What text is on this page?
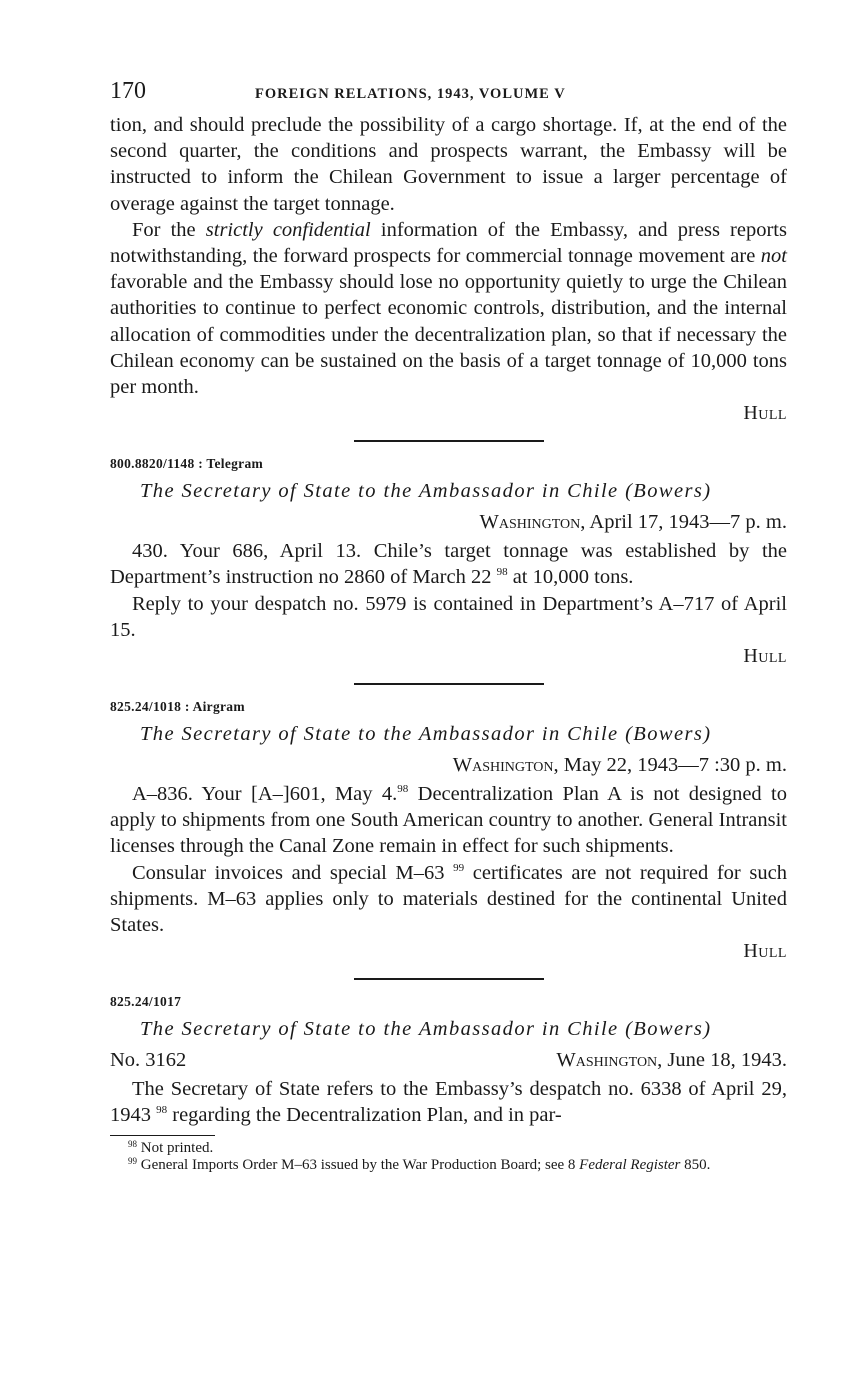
170	FOREIGN RELATIONS, 1943, VOLUME V

tion, and should preclude the possibility of a cargo shortage. If, at the end of the second quarter, the conditions and prospects warrant, the Embassy will be instructed to inform the Chilean Government to issue a larger percentage of overage against the target tonnage.

For the strictly confidential information of the Embassy, and press reports notwithstanding, the forward prospects for commercial tonnage movement are not favorable and the Embassy should lose no opportunity quietly to urge the Chilean authorities to continue to perfect economic controls, distribution, and the internal allocation of commodities under the decentralization plan, so that if necessary the Chilean economy can be sustained on the basis of a target tonnage of 10,000 tons per month.

Hull
800.8820/1148 : Telegram
The Secretary of State to the Ambassador in Chile (Bowers)
Washington, April 17, 1943—7 p. m.

430. Your 686, April 13. Chile’s target tonnage was established by the Department’s instruction no 2860 of March 22 $^{98}$ at 10,000 tons.

Reply to your despatch no. 5979 is contained in Department’s A–717 of April 15.

Hull
825.24/1018 : Airgram
The Secretary of State to the Ambassador in Chile (Bowers)
Washington, May 22, 1943—7 :30 p. m.

A–836. Your [A–]601, May 4.98 Decentralization Plan A is not designed to apply to shipments from one South American country to another. General Intransit licenses through the Canal Zone remain in effect for such shipments.

Consular invoices and special M–63 $^{99}$ certificates are not required for such shipments. M–63 applies only to materials destined for the continental United States.

Hull
825.24/1017
The Secretary of State to the Ambassador in Chile (Bowers)
No. 3162	Washington, June 18, 1943.

The Secretary of State refers to the Embassy’s despatch no. 6338 of April 29, 1943 $^{98}$ regarding the Decentralization Plan, and in par-

$^{98}$ Not printed.

$^{99}$ General Imports Order M–63 issued by the War Production Board; see 8 Federal Register 850.
